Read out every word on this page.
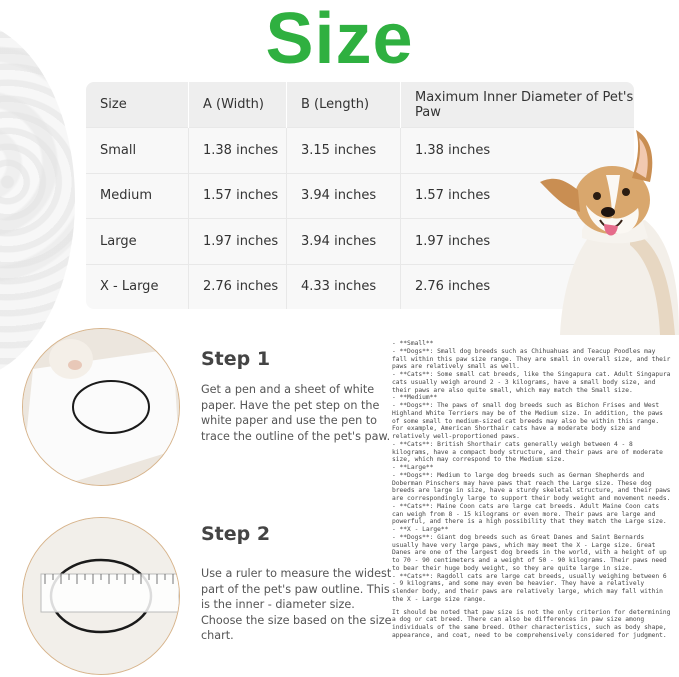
Size
Size	A (Width)	B (Length)	Maximum Inner Diameter of Pet's Paw
Small	1.38 inches	3.15 inches	1.38 inches
Medium	1.57 inches	3.94 inches	1.57 inches
Large	1.97 inches	3.94 inches	1.97 inches
X - Large	2.76 inches	4.33 inches	2.76 inches
Step 1
Get a pen and a sheet of white paper. Have the pet step on the white paper and use the pen to trace the outline of the pet's paw.
Step 2
Use a ruler to measure the widest part of the pet's paw outline. This is the inner - diameter size. Choose the size based on the size chart.
- **Small**
- **Dogs**: Small dog breeds such as Chihuahuas and Teacup Poodles may fall within this paw size range. They are small in overall size, and their paws are relatively small as well.
- **Cats**: Some small cat breeds, like the Singapura cat. Adult Singapura cats usually weigh around 2 - 3 kilograms, have a small body size, and their paws are also quite small, which may match the Small size.
- **Medium**
- **Dogs**: The paws of small dog breeds such as Bichon Frises and West Highland White Terriers may be of the Medium size. In addition, the paws of some small to medium-sized cat breeds may also be within this range. For example, American Shorthair cats have a moderate body size and relatively well-proportioned paws.
- **Cats**: British Shorthair cats generally weigh between 4 - 8 kilograms, have a compact body structure, and their paws are of moderate size, which may correspond to the Medium size.
- **Large**
- **Dogs**: Medium to large dog breeds such as German Shepherds and Doberman Pinschers may have paws that reach the Large size. These dog breeds are large in size, have a sturdy skeletal structure, and their paws are correspondingly large to support their body weight and movement needs.
- **Cats**: Maine Coon cats are large cat breeds. Adult Maine Coon cats can weigh from 8 - 15 kilograms or even more. Their paws are large and powerful, and there is a high possibility that they match the Large size.
- **X - Large**
- **Dogs**: Giant dog breeds such as Great Danes and Saint Bernards usually have very large paws, which may meet the X - Large size. Great Danes are one of the largest dog breeds in the world, with a height of up to 70 - 90 centimeters and a weight of 50 - 90 kilograms. Their paws need to bear their huge body weight, so they are quite large in size.
- **Cats**: Ragdoll cats are large cat breeds, usually weighing between 6 - 9 kilograms, and some may even be heavier. They have a relatively slender body, and their paws are relatively large, which may fall within the X - Large size range.
It should be noted that paw size is not the only criterion for determining a dog or cat breed. There can also be differences in paw size among individuals of the same breed. Other characteristics, such as body shape, appearance, and coat, need to be comprehensively considered for judgment.
